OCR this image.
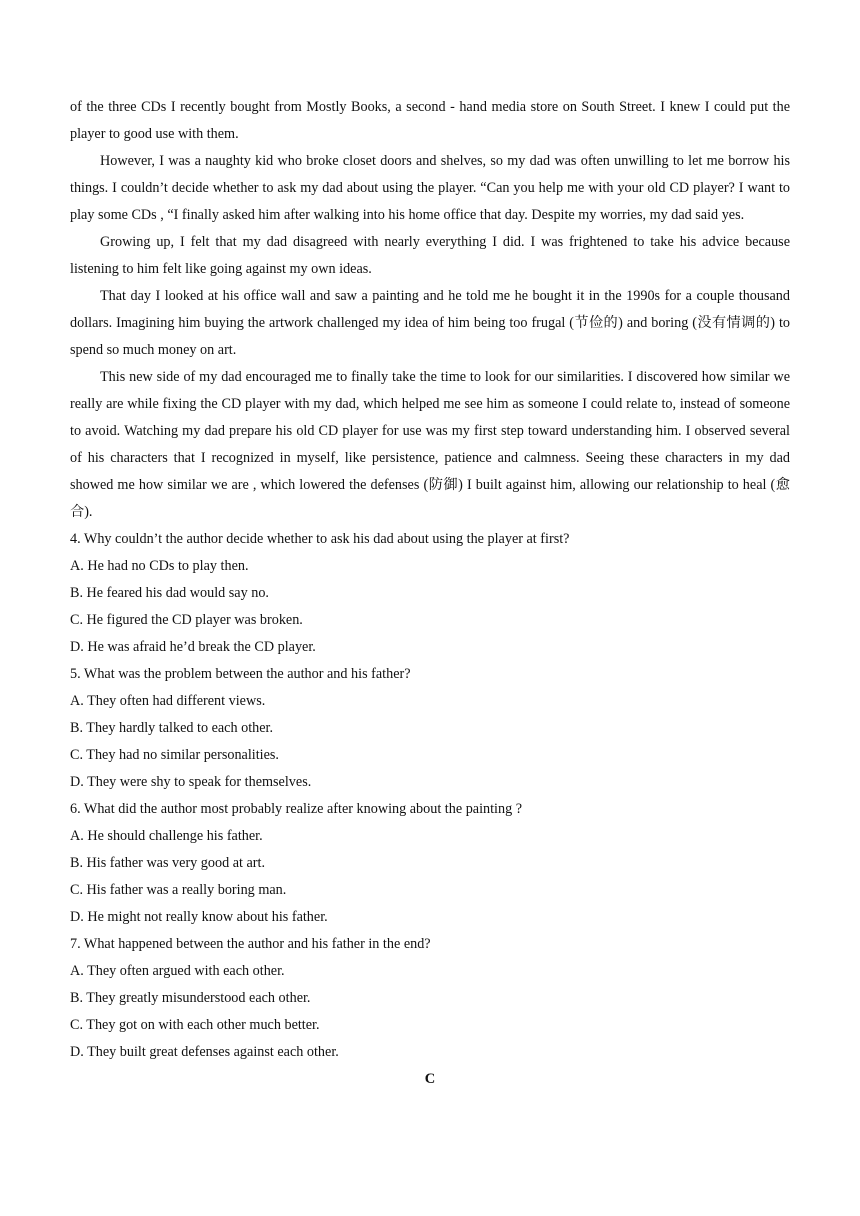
of the three CDs I recently bought from Mostly Books, a second - hand media store on South Street. I knew I could put the player to good use with them.

However, I was a naughty kid who broke closet doors and shelves, so my dad was often unwilling to let me borrow his things. I couldn’t decide whether to ask my dad about using the player. “Can you help me with your old CD player? I want to play some CDs , “I finally asked him after walking into his home office that day. Despite my worries, my dad said yes.

Growing up, I felt that my dad disagreed with nearly everything I did. I was frightened to take his advice because listening to him felt like going against my own ideas.

That day I looked at his office wall and saw a painting and he told me he bought it in the 1990s for a couple thousand dollars. Imagining him buying the artwork challenged my idea of him being too frugal (节俭的) and boring (没有情调的) to spend so much money on art.

This new side of my dad encouraged me to finally take the time to look for our similarities. I discovered how similar we really are while fixing the CD player with my dad, which helped me see him as someone I could relate to, instead of someone to avoid. Watching my dad prepare his old CD player for use was my first step toward understanding him. I observed several of his characters that I recognized in myself, like persistence, patience and calmness. Seeing these characters in my dad showed me how similar we are , which lowered the defenses (防御) I built against him, allowing our relationship to heal (愈合).

4. Why couldn’t the author decide whether to ask his dad about using the player at first?

A. He had no CDs to play then.

B. He feared his dad would say no.

C. He figured the CD player was broken.

D. He was afraid he’d break the CD player.

5. What was the problem between the author and his father?

A. They often had different views.

B. They hardly talked to each other.

C. They had no similar personalities.

D. They were shy to speak for themselves.

6. What did the author most probably realize after knowing about the painting ?

A. He should challenge his father.

B. His father was very good at art.

C. His father was a really boring man.

D. He might not really know about his father.

7. What happened between the author and his father in the end?

A. They often argued with each other.

B. They greatly misunderstood each other.

C. They got on with each other much better.

D. They built great defenses against each other.

C
